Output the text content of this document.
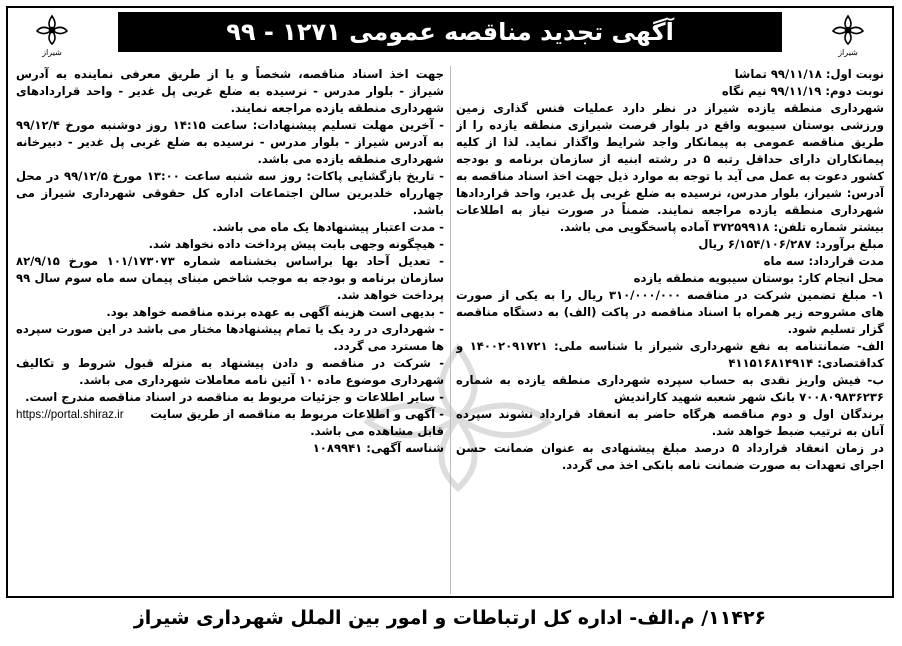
شیراز
آگهی تجدید مناقصه عمومی ۱۲۷۱ - ۹۹
شیراز

نوبت اول: ۹۹/۱۱/۱۸ تماشا

نوبت دوم: ۹۹/۱۱/۱۹ نیم نگاه

شهرداری منطقه یازده شیراز در نظر دارد عملیات فنس گذاری زمین ورزشی بوستان سیبویه واقع در بلوار فرصت شیرازی منطقه یازده را از طریق مناقصه عمومی به پیمانکار واجد شرایط واگذار نماید. لذا از کلیه پیمانکاران دارای حداقل رتبه ۵ در رشته ابنیه از سازمان برنامه و بودجه کشور دعوت به عمل می آید با توجه به موارد ذیل جهت اخذ اسناد مناقصه به آدرس: شیراز، بلوار مدرس، نرسیده به ضلع غربی پل غدیر، واحد قراردادها شهرداری منطقه یازده مراجعه نمایند. ضمناً در صورت نیاز به اطلاعات بیشتر شماره تلفن: ۳۷۲۵۹۹۱۸ آماده پاسخگویی می باشد.

مبلغ برآورد: ۶/۱۵۴/۱۰۶/۲۸۷ ریال

مدت قرارداد: سه ماه

محل انجام کار: بوستان سیبویه منطقه یازده

۱- مبلغ تضمین شرکت در مناقصه ۳۱۰/۰۰۰/۰۰۰ ریال را به یکی از صورت های مشروحه زیر همراه با اسناد مناقصه در پاکت (الف) به دستگاه مناقصه گزار تسلیم شود.

الف- ضمانتنامه به نفع شهرداری شیراز با شناسه ملی: ۱۴۰۰۲۰۹۱۷۲۱ و کداقتصادی: ۴۱۱۵۱۶۸۱۴۹۱۴

ب- فیش واریز نقدی به حساب سپرده شهرداری منطقه یازده به شماره ۷۰۰۸۰۹۸۳۶۲۳۶ بانک شهر شعبه شهید کارانديش

برندگان اول و دوم مناقصه هرگاه حاضر به انعقاد قرارداد نشوند سپرده آنان به ترتیب ضبط خواهد شد.

در زمان انعقاد قرارداد ۵ درصد مبلغ پیشنهادی به عنوان ضمانت حسن اجرای تعهدات به صورت ضمانت نامه بانکی اخذ می گردد.

جهت اخذ اسناد مناقصه، شخصاً و یا از طریق معرفی نماینده به آدرس شیراز - بلوار مدرس - نرسیده به ضلع غربی پل غدیر - واحد قراردادهای شهرداری منطقه یازده مراجعه نمایند.

- آخرین مهلت تسلیم پیشنهادات: ساعت ۱۴:۱۵ روز دوشنبه مورخ ۹۹/۱۲/۴ به آدرس شیراز - بلوار مدرس - نرسیده به ضلع غربی پل غدیر - دبیرخانه شهرداری منطقه یازده می باشد.

- تاریخ بازگشایی پاکات: روز سه شنبه ساعت ۱۳:۰۰ مورخ ۹۹/۱۲/۵ در محل چهارراه خلدبرین سالن اجتماعات اداره کل حقوقی شهرداری شیراز می باشد.

- مدت اعتبار پیشنهادها یک ماه می باشد.

- هیچگونه وجهی بابت پیش پرداخت داده نخواهد شد.

- تعدیل آحاد بها براساس بخشنامه شماره ۱۰۱/۱۷۳۰۷۳ مورخ ۸۲/۹/۱۵ سازمان برنامه و بودجه به موجب شاخص مبنای پیمان سه ماه سوم سال ۹۹ پرداخت خواهد شد.

- بدیهی است هزینه آگهی به عهده برنده مناقصه خواهد بود.

- شهرداری در رد یک یا تمام پیشنهادها مختار می باشد در این صورت سپرده ها مسترد می گردد.

- شرکت در مناقصه و دادن پیشنهاد به منزله قبول شروط و تکالیف شهرداری موضوع ماده ۱۰ آئین نامه معاملات شهرداری می باشد.

- سایر اطلاعات و جزئیات مربوط به مناقصه در اسناد مناقصه مندرج است.

- آگهی و اطلاعات مربوط به مناقصه از طریق سایت
https://portal.shiraz.ir

قابل مشاهده می باشد.

شناسه آگهی: ۱۰۸۹۹۴۱

۱۱۴۲۶/ م.الف- اداره کل ارتباطات و امور بین الملل شهرداری شیراز
